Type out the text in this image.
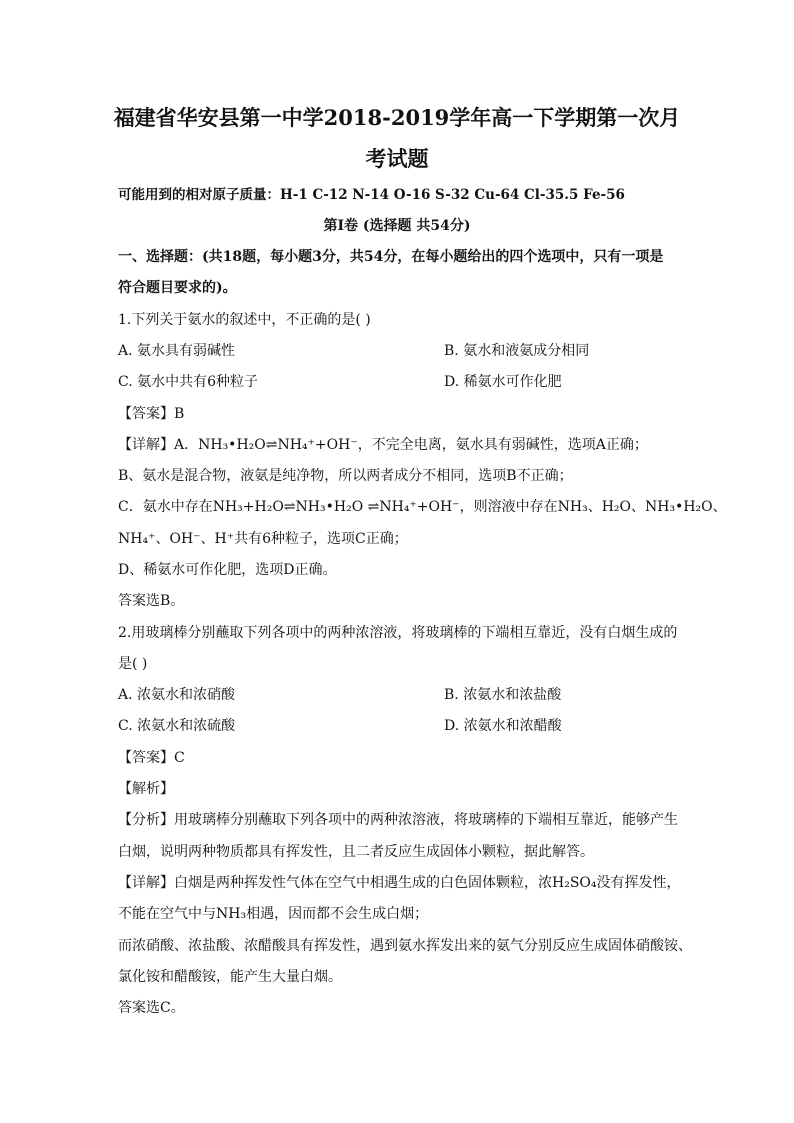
福建省华安县第一中学2018-2019学年高一下学期第一次月
考试题
可能用到的相对原子质量：H-1 C-12 N-14 O-16 S-32 Cu-64 Cl-35.5 Fe-56
第Ⅰ卷 (选择题 共54分)
一、选择题：(共18题，每小题3分，共54分，在每小题给出的四个选项中，只有一项是
符合题目要求的)。
1.下列关于氨水的叙述中，不正确的是( )
A. 氨水具有弱碱性	B. 氨水和液氨成分相同
C. 氨水中共有6种粒子	D. 稀氨水可作化肥
【答案】B
【详解】A．NH₃•H₂O⇌NH₄⁺+OH⁻，不完全电离，氨水具有弱碱性，选项A正确；
B、氨水是混合物，液氨是纯净物，所以两者成分不相同，选项B不正确；
C．氨水中存在NH₃+H₂O⇌NH₃•H₂O ⇌NH₄⁺+OH⁻，则溶液中存在NH₃、H₂O、NH₃•H₂O、
NH₄⁺、OH⁻、H⁺共有6种粒子，选项C正确；
D、稀氨水可作化肥，选项D正确。
答案选B。
2.用玻璃棒分别蘸取下列各项中的两种浓溶液，将玻璃棒的下端相互靠近，没有白烟生成的
是( )
A. 浓氨水和浓硝酸	B. 浓氨水和浓盐酸
C. 浓氨水和浓硫酸	D. 浓氨水和浓醋酸
【答案】C
【解析】
【分析】用玻璃棒分别蘸取下列各项中的两种浓溶液，将玻璃棒的下端相互靠近，能够产生
白烟，说明两种物质都具有挥发性，且二者反应生成固体小颗粒，据此解答。
【详解】白烟是两种挥发性气体在空气中相遇生成的白色固体颗粒，浓H₂SO₄没有挥发性，
不能在空气中与NH₃相遇，因而都不会生成白烟；
而浓硝酸、浓盐酸、浓醋酸具有挥发性，遇到氨水挥发出来的氨气分别反应生成固体硝酸铵、
氯化铵和醋酸铵，能产生大量白烟。
答案选C。
